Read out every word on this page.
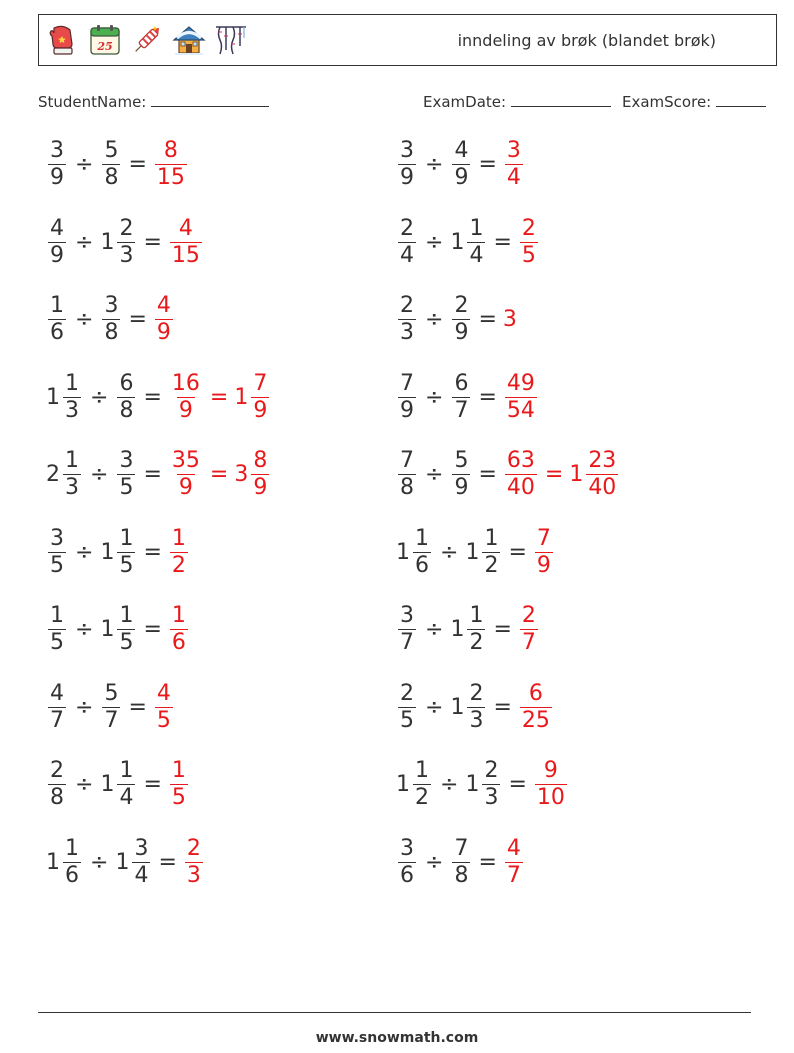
25	inndeling av brøk (blandet brøk)
StudentName:	ExamDate:	ExamScore:
$\frac{3}{9} \div \frac{5}{8} = \frac{8}{15}$	$\frac{3}{9} \div \frac{4}{9} = \frac{3}{4}$
$\frac{4}{9} \div 1 \frac{2}{3} = \frac{4}{15}$	$\frac{2}{4} \div 1 \frac{1}{4} = \frac{2}{5}$
$\frac{1}{6} \div \frac{3}{8} = \frac{4}{9}$	$\frac{2}{3} \div \frac{2}{9} = 3$
$1 \frac{1}{3} \div \frac{6}{8} = \frac{16}{9} = 1 \frac{7}{9}$	$\frac{7}{9} \div \frac{6}{7} = \frac{49}{54}$
$2 \frac{1}{3} \div \frac{3}{5} = \frac{35}{9} = 3 \frac{8}{9}$	$\frac{7}{8} \div \frac{5}{9} = \frac{63}{40} = 1 \frac{23}{40}$
$\frac{3}{5} \div 1 \frac{1}{5} = \frac{1}{2}$	$1 \frac{1}{6} \div 1 \frac{1}{2} = \frac{7}{9}$
$\frac{1}{5} \div 1 \frac{1}{5} = \frac{1}{6}$	$\frac{3}{7} \div 1 \frac{1}{2} = \frac{2}{7}$
$\frac{4}{7} \div \frac{5}{7} = \frac{4}{5}$	$\frac{2}{5} \div 1 \frac{2}{3} = \frac{6}{25}$
$\frac{2}{8} \div 1 \frac{1}{4} = \frac{1}{5}$	$1 \frac{1}{2} \div 1 \frac{2}{3} = \frac{9}{10}$
$1 \frac{1}{6} \div 1 \frac{3}{4} = \frac{2}{3}$	$\frac{3}{6} \div \frac{7}{8} = \frac{4}{7}$
www.snowmath.com
